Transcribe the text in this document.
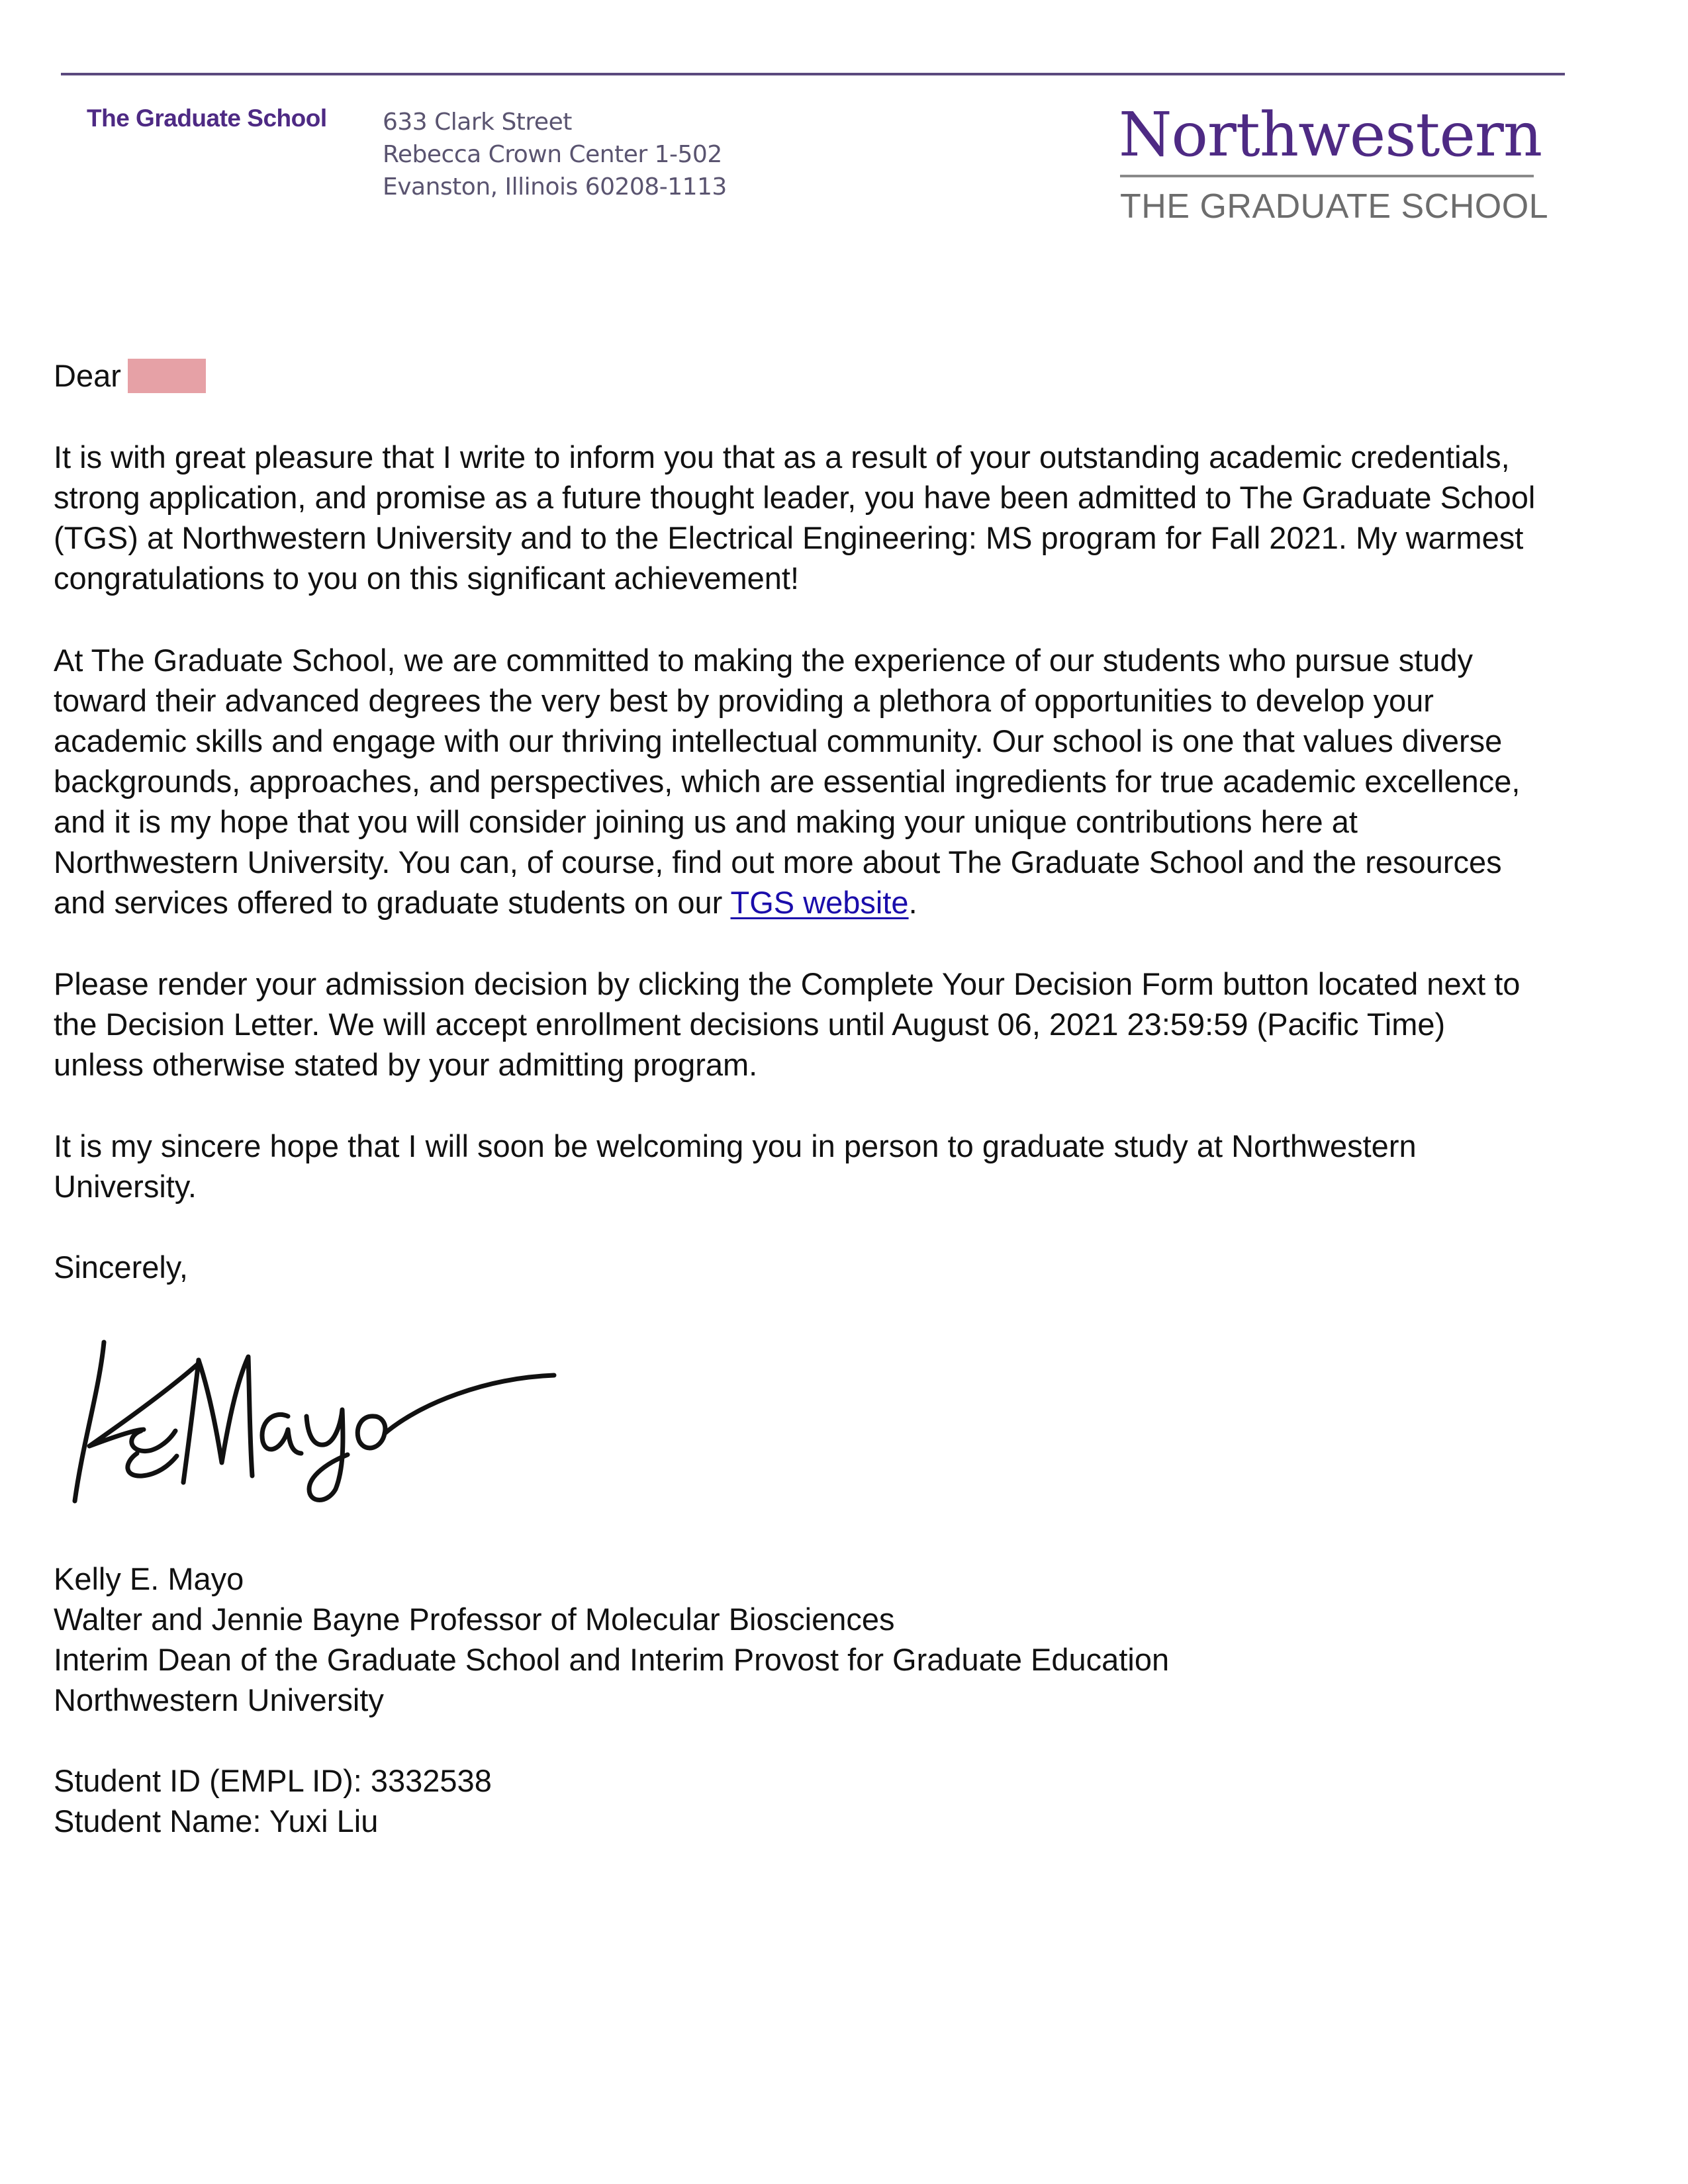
The Graduate School 633 Clark Street
Rebecca Crown Center 1-502
Evanston, Illinois 60208-1113
Northwestern
THE GRADUATE SCHOOL
Dear
It is with great pleasure that I write to inform you that as a result of your outstanding academic credentials,
strong application, and promise as a future thought leader, you have been admitted to The Graduate School
(TGS) at Northwestern University and to the Electrical Engineering: MS program for Fall 2021. My warmest
congratulations to you on this significant achievement!
At The Graduate School, we are committed to making the experience of our students who pursue study
toward their advanced degrees the very best by providing a plethora of opportunities to develop your
academic skills and engage with our thriving intellectual community. Our school is one that values diverse
backgrounds, approaches, and perspectives, which are essential ingredients for true academic excellence,
and it is my hope that you will consider joining us and making your unique contributions here at
Northwestern University. You can, of course, find out more about The Graduate School and the resources
and services offered to graduate students on our TGS website.
Please render your admission decision by clicking the Complete Your Decision Form button located next to
the Decision Letter. We will accept enrollment decisions until August 06, 2021 23:59:59 (Pacific Time)
unless otherwise stated by your admitting program.
It is my sincere hope that I will soon be welcoming you in person to graduate study at Northwestern
University.
Sincerely,
Kelly E. Mayo
Walter and Jennie Bayne Professor of Molecular Biosciences
Interim Dean of the Graduate School and Interim Provost for Graduate Education
Northwestern University
Student ID (EMPL ID): 3332538
Student Name: Yuxi Liu
